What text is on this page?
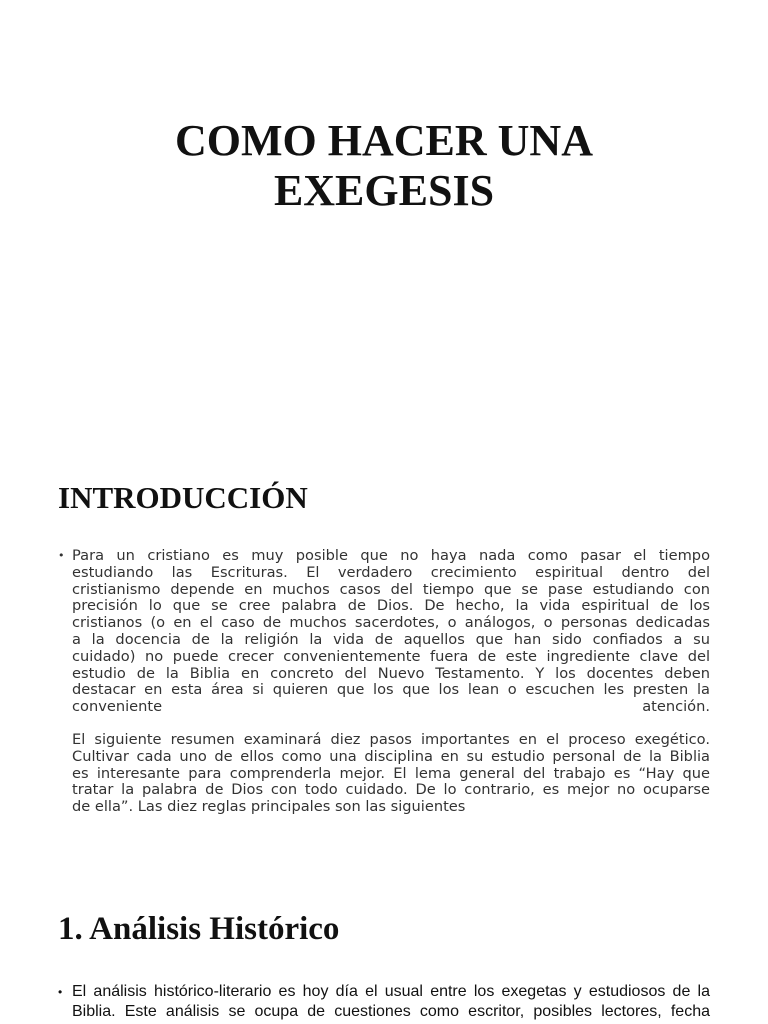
COMO HACER UNA
EXEGESIS
INTRODUCCIÓN
• Para un cristiano es muy posible que no haya nada como pasar el tiempo
estudiando las Escrituras. El verdadero crecimiento espiritual dentro del
cristianismo depende en muchos casos del tiempo que se pase estudiando con
precisión lo que se cree palabra de Dios. De hecho, la vida espiritual de los
cristianos (o en el caso de muchos sacerdotes, o análogos, o personas dedicadas
a la docencia de la religión la vida de aquellos que han sido confiados a su
cuidado) no puede crecer convenientemente fuera de este ingrediente clave del
estudio de la Biblia en concreto del Nuevo Testamento. Y los docentes deben
destacar en esta área si quieren que los que los lean o escuchen les presten la
conveniente atención.
El siguiente resumen examinará diez pasos importantes en el proceso exegético.
Cultivar cada uno de ellos como una disciplina en su estudio personal de la Biblia
es interesante para comprenderla mejor. El lema general del trabajo es “Hay que
tratar la palabra de Dios con todo cuidado. De lo contrario, es mejor no ocuparse
de ella”. Las diez reglas principales son las siguientes
1. Análisis Histórico
• El análisis histórico-literario es hoy día el usual entre los exegetas y estudiosos de la
Biblia. Este análisis se ocupa de cuestiones como escritor, posibles lectores, fecha
